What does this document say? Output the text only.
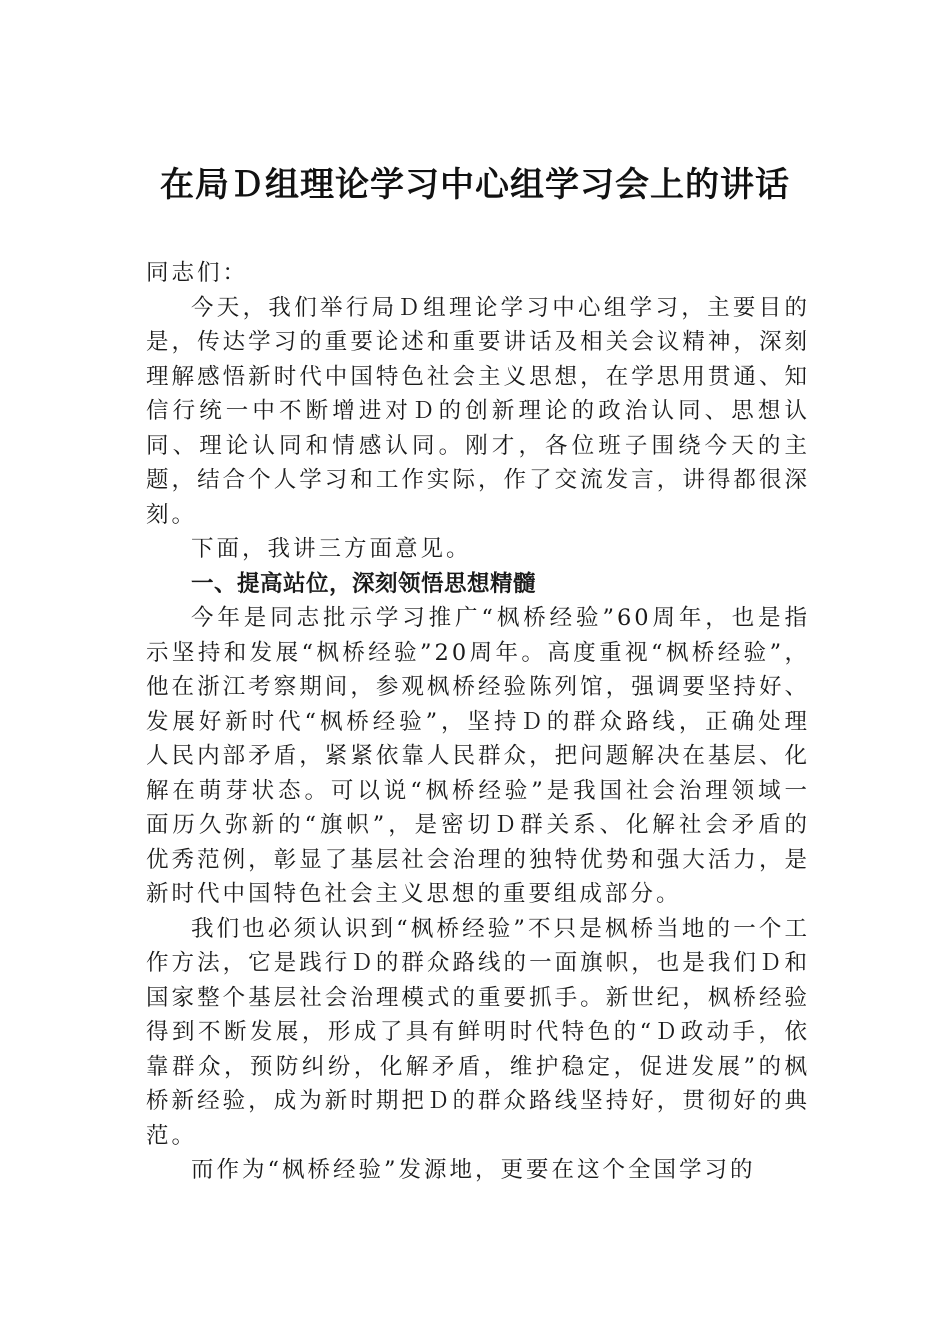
在局Ｄ组理论学习中心组学习会上的讲话

同志们：

今天，我们举行局Ｄ组理论学习中心组学习，主要目的是，传达学习的重要论述和重要讲话及相关会议精神，深刻理解感悟新时代中国特色社会主义思想，在学思用贯通、知信行统一中不断增进对Ｄ的创新理论的政治认同、思想认同、理论认同和情感认同。刚才，各位班子围绕今天的主题，结合个人学习和工作实际，作了交流发言，讲得都很深刻。

下面，我讲三方面意见。

一、提高站位，深刻领悟思想精髓

今年是同志批示学习推广“枫桥经验”60周年，也是指示坚持和发展“枫桥经验”20周年。高度重视“枫桥经验”，他在浙江考察期间，参观枫桥经验陈列馆，强调要坚持好、发展好新时代“枫桥经验”，坚持Ｄ的群众路线，正确处理人民内部矛盾，紧紧依靠人民群众，把问题解决在基层、化解在萌芽状态。可以说“枫桥经验”是我国社会治理领域一面历久弥新的“旗帜”，是密切Ｄ群关系、化解社会矛盾的优秀范例，彰显了基层社会治理的独特优势和强大活力，是新时代中国特色社会主义思想的重要组成部分。

我们也必须认识到“枫桥经验”不只是枫桥当地的一个工作方法，它是践行Ｄ的群众路线的一面旗帜，也是我们Ｄ和国家整个基层社会治理模式的重要抓手。新世纪，枫桥经验得到不断发展，形成了具有鲜明时代特色的“Ｄ政动手，依靠群众，预防纠纷，化解矛盾，维护稳定，促进发展”的枫桥新经验，成为新时期把Ｄ的群众路线坚持好，贯彻好的典范。

而作为“枫桥经验”发源地，更要在这个全国学习的
